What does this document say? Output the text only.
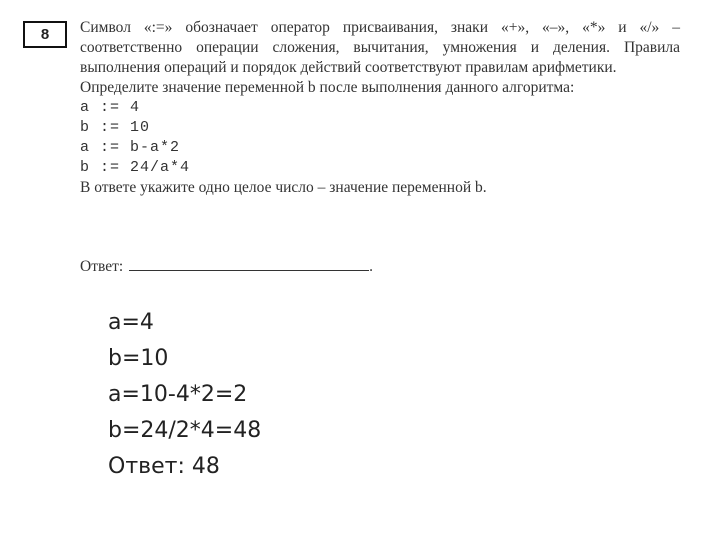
8 Символ «:=» обозначает оператор присваивания, знаки «+», «–», «*» и «/» – соответственно операции сложения, вычитания, умножения и деления. Правила выполнения операций и порядок действий соответствуют правилам арифметики.

Определите значение переменной b после выполнения данного алгоритма:

a := 4
b := 10
a := b-a*2
b := 24/a*4

В ответе укажите одно целое число – значение переменной b.

Ответ:	.
a=4
b=10
a=10-4*2=2
b=24/2*4=48
Ответ: 48
